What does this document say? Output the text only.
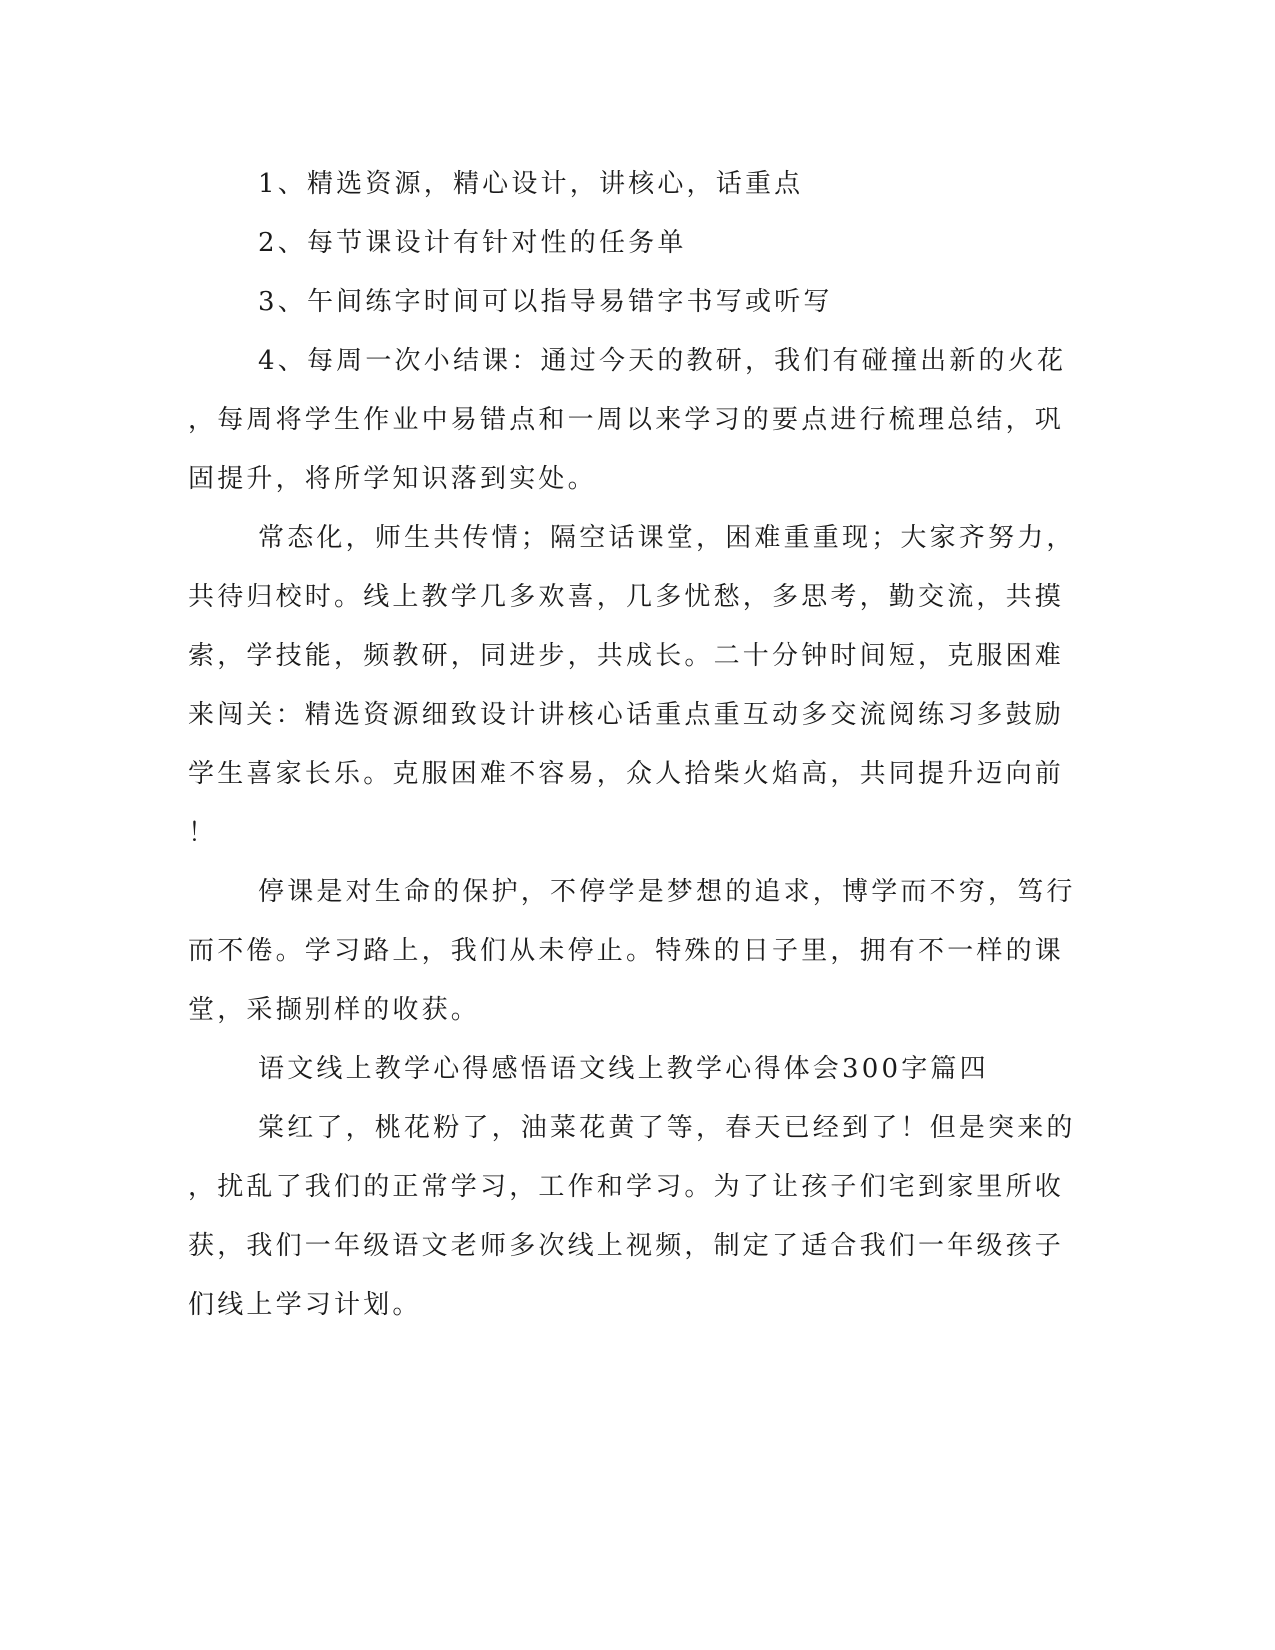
1、精选资源，精心设计，讲核心，话重点
2、每节课设计有针对性的任务单
3、午间练字时间可以指导易错字书写或听写
4、每周一次小结课：通过今天的教研，我们有碰撞出新的火花
，每周将学生作业中易错点和一周以来学习的要点进行梳理总结，巩
固提升，将所学知识落到实处。
常态化，师生共传情；隔空话课堂，困难重重现；大家齐努力，
共待归校时。线上教学几多欢喜，几多忧愁，多思考，勤交流，共摸
索，学技能，频教研，同进步，共成长。二十分钟时间短，克服困难
来闯关：精选资源细致设计讲核心话重点重互动多交流阅练习多鼓励
学生喜家长乐。克服困难不容易，众人拾柴火焰高，共同提升迈向前
！
停课是对生命的保护，不停学是梦想的追求，博学而不穷，笃行
而不倦。学习路上，我们从未停止。特殊的日子里，拥有不一样的课
堂，采撷别样的收获。
语文线上教学心得感悟语文线上教学心得体会300字篇四
棠红了，桃花粉了，油菜花黄了等，春天已经到了！但是突来的
，扰乱了我们的正常学习，工作和学习。为了让孩子们宅到家里所收
获，我们一年级语文老师多次线上视频，制定了适合我们一年级孩子
们线上学习计划。
